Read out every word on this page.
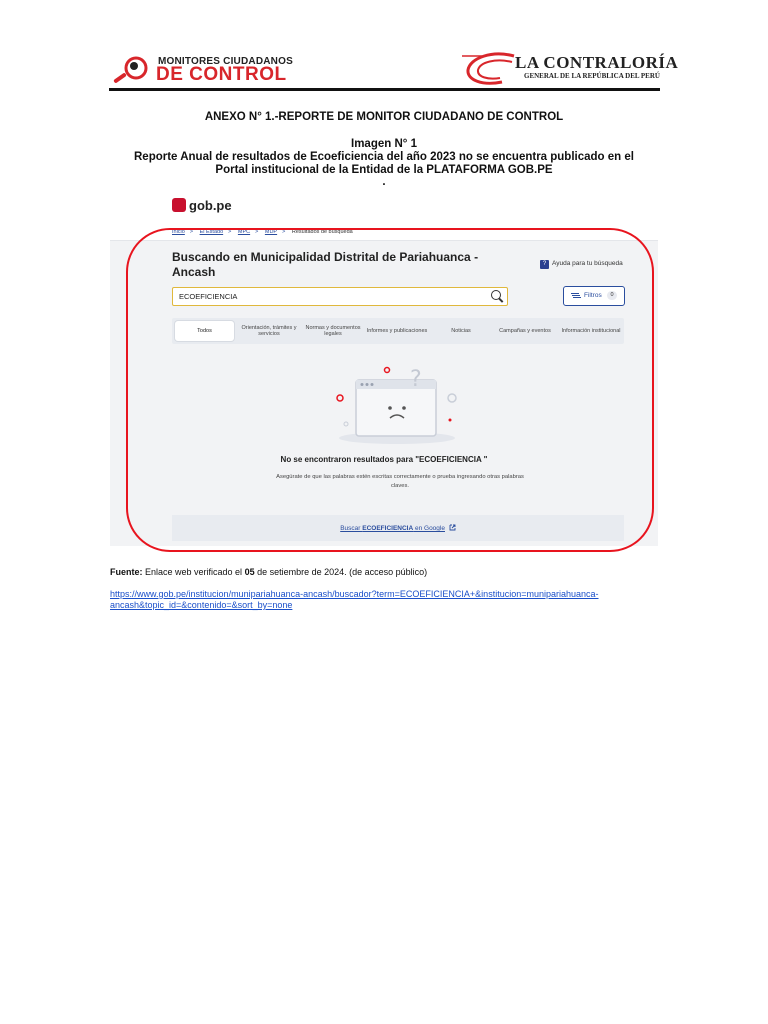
MONITORES CIUDADANOS
DE CONTROL
LA CONTRALORÍA
GENERAL DE LA REPÚBLICA DEL PERÚ
ANEXO N° 1.-REPORTE DE MONITOR CIUDADANO DE CONTROL
Imagen N° 1
Reporte Anual de resultados de Ecoeficiencia del año 2023 no se encuentra publicado en el
Portal institucional de la Entidad de la PLATAFORMA GOB.PE
.
gob.pe
Inicio > El Estado > MPC > MDP > Resultados de búsqueda
Buscando en Municipalidad Distrital de Pariahuanca - Ancash
? Ayuda para tu búsqueda
ECOEFICIENCIA	Filtros	0
Todos
Orientación, trámites y servicios
Normas y documentos legales
Informes y publicaciones	Noticias	Campañas y eventos	Información institucional
?
No se encontraron resultados para "ECOEFICIENCIA "
Asegúrate de que las palabras estén escritas correctamente o prueba ingresando otras palabras claves.
Buscar ECOEFICIENCIA en Google
Fuente: Enlace web verificado el 05 de setiembre de 2024. (de acceso público)
https://www.gob.pe/institucion/munipariahuanca-ancash/buscador?term=ECOEFICIENCIA+&institucion=munipariahuanca-ancash&topic_id=&contenido=&sort_by=none
